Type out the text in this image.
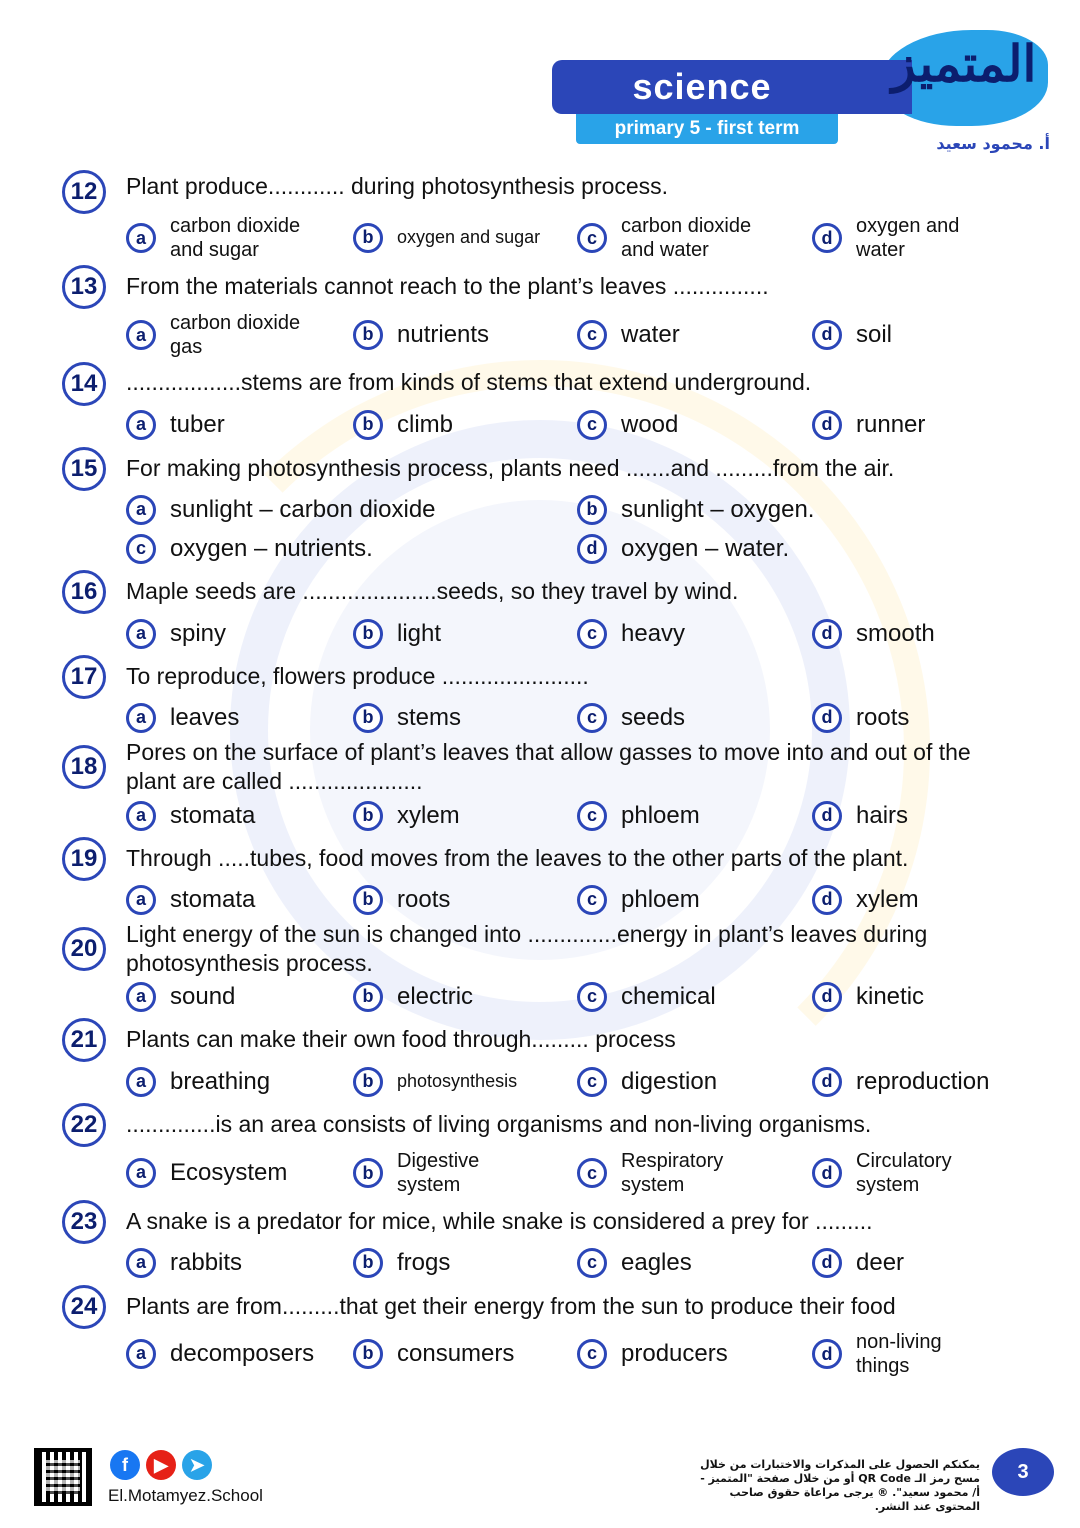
science
primary 5 - first term
المتميز
أ. محمود سعيد
12	Plant produce............ during photosynthesis process.
a
carbon dioxide
and sugar
b	oxygen and sugar	c
carbon dioxide
and water
d
oxygen and
water
13	From the materials cannot reach to the plant’s leaves ...............
a
carbon dioxide
gas
b nutrients	c	water	d soil
14	..................stems are from kinds of stems that extend underground.
a	tuber	b climb	c	wood	d runner
15	For making photosynthesis process, plants need .......and .........from the air.
a	sunlight – carbon dioxide	b sunlight – oxygen.
c	oxygen – nutrients.	d oxygen – water.
16	Maple seeds are .....................seeds, so they travel by wind.
a	spiny	b light	c	heavy	d smooth
17	To reproduce, flowers produce .......................
a	leaves	b stems	c	seeds	d roots
18
Pores on the surface of plant’s leaves that allow gasses to move into and out of the plant are called .....................
a	stomata	b xylem	c	phloem	d hairs
19	Through .....tubes, food moves from the leaves to the other parts of the plant.
a	stomata	b roots	c	phloem	d xylem
20
Light energy of the sun is changed into ..............energy in plant’s leaves during photosynthesis process.
a	sound	b electric	c	chemical	d kinetic
21	Plants can make their own food through......... process
a	breathing	b	photosynthesis	c	digestion	d reproduction
22	..............is an area consists of living organisms and non-living organisms.
a	Ecosystem	b
Digestive
system
c
Respiratory
system
d
Circulatory
system
23	A snake is a predator for mice, while snake is considered a prey for .........
a	rabbits	b frogs	c	eagles	d deer
24	Plants are from.........that get their energy from the sun to produce their food
a	decomposers	b consumers	c	producers	d
non-living
things
f	▶	➤
El.Motamyez.School
يمكنكم الحصول على المذكرات والاختبارات من خلال مسح رمز الـ QR Code أو من خلال صفحة "المتميز - أ/ محمود سعيد". ® يرجى مراعاة حقوق صاحب المحتوى عند النشر.
3
